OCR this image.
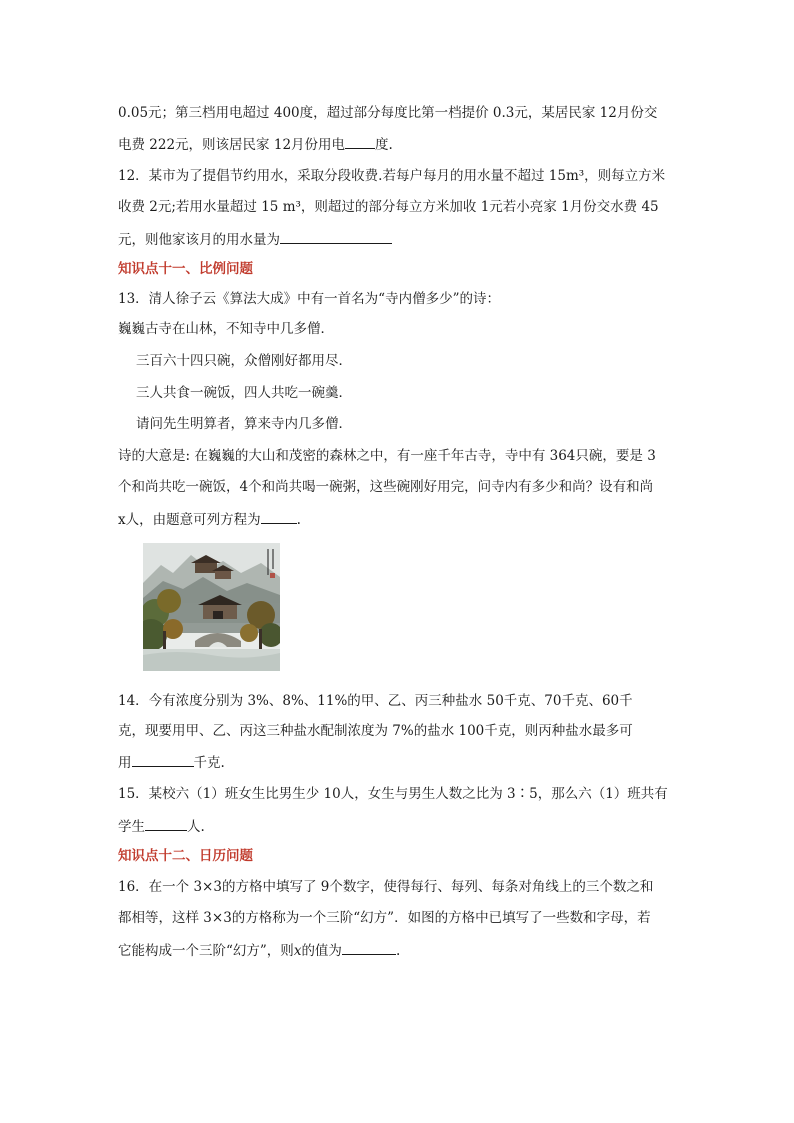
0.05元；第三档用电超过 400度，超过部分每度比第一档提价 0.3元，某居民家 12月份交
电费 222元，则该居民家 12月份用电 度.
12．某市为了提倡节约用水，采取分段收费.若每户每月的用水量不超过 15m³，则每立方米
收费 2元;若用水量超过 15 m³，则超过的部分每立方米加收 1元若小亮家 1月份交水费 45
元，则他家该月的用水量为
知识点十一、比例问题
13．清人徐子云《算法大成》中有一首名为“寺内僧多少”的诗：
巍巍古寺在山林，不知寺中几多僧．
三百六十四只碗，众僧刚好都用尽．
三人共食一碗饭，四人共吃一碗羹．
请问先生明算者，算来寺内几多僧．
诗的大意是: 在巍巍的大山和茂密的森林之中，有一座千年古寺，寺中有 364只碗，要是 3
个和尚共吃一碗饭，4个和尚共喝一碗粥，这些碗刚好用完，问寺内有多少和尚？设有和尚
x人，由题意可列方程为	.
14．今有浓度分别为 3%、8%、11%的甲、乙、丙三种盐水 50千克、70千克、60千
克，现要用甲、乙、丙这三种盐水配制浓度为 7%的盐水 100千克，则丙种盐水最多可
用	千克.
15．某校六（1）班女生比男生少 10人，女生与男生人数之比为 3∶5，那么六（1）班共有
学生	人.
知识点十二、日历问题
16．在一个 3×3的方格中填写了 9个数字，使得每行、每列、每条对角线上的三个数之和
都相等，这样 3×3的方格称为一个三阶“幻方”．如图的方格中已填写了一些数和字母，若
它能构成一个三阶“幻方”，则x的值为	.
